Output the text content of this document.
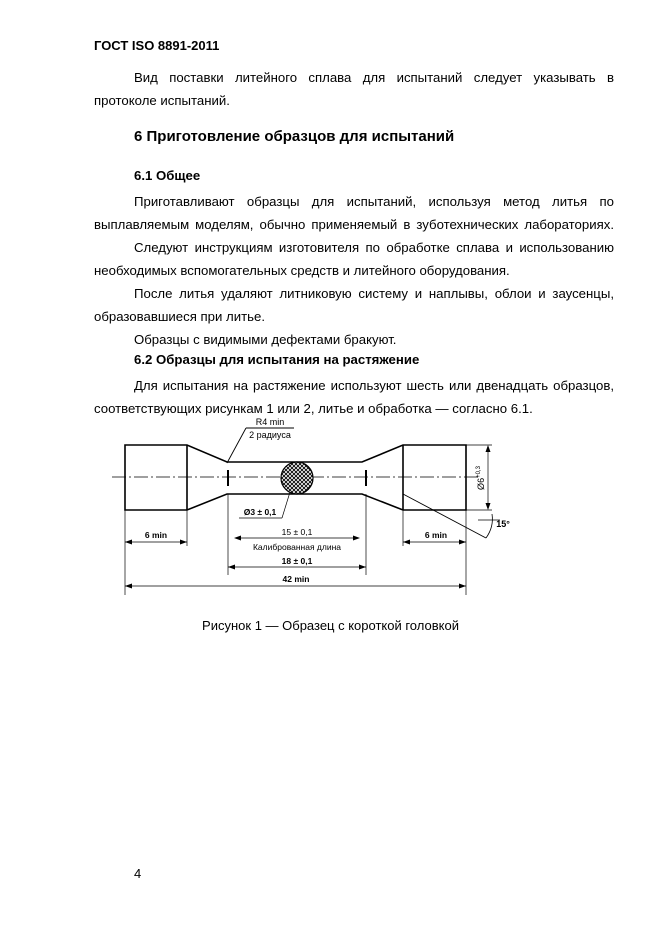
ГОСТ ISO 8891-2011
Вид поставки литейного сплава для испытаний следует указывать в
протоколе испытаний.
6 Приготовление образцов для испытаний
6.1 Общее
Приготавливают образцы для испытаний, используя метод литья по
выплавляемым моделям, обычно применяемый в зуботехнических лабораториях.
Следуют инструкциям изготовителя по обработке сплава и использованию
необходимых вспомогательных средств и литейного оборудования.
После литья удаляют литниковую систему и наплывы, облои и заусенцы,
образовавшиеся при литье.
Образцы с видимыми дефектами бракуют.
6.2 Образцы для испытания на растяжение
Для испытания на растяжение используют шесть или двенадцать образцов,
соответствующих рисункам 1 или 2, литье и обработка — согласно 6.1.
R4 min
2 радиуса
$Ø6^{+0,3}$
15°
Ø3 ± 0,1
15 ± 0,1
Калиброванная длина
6 min	6 min
18 ± 0,1
42 min
Рисунок 1 — Образец с короткой головкой
4
